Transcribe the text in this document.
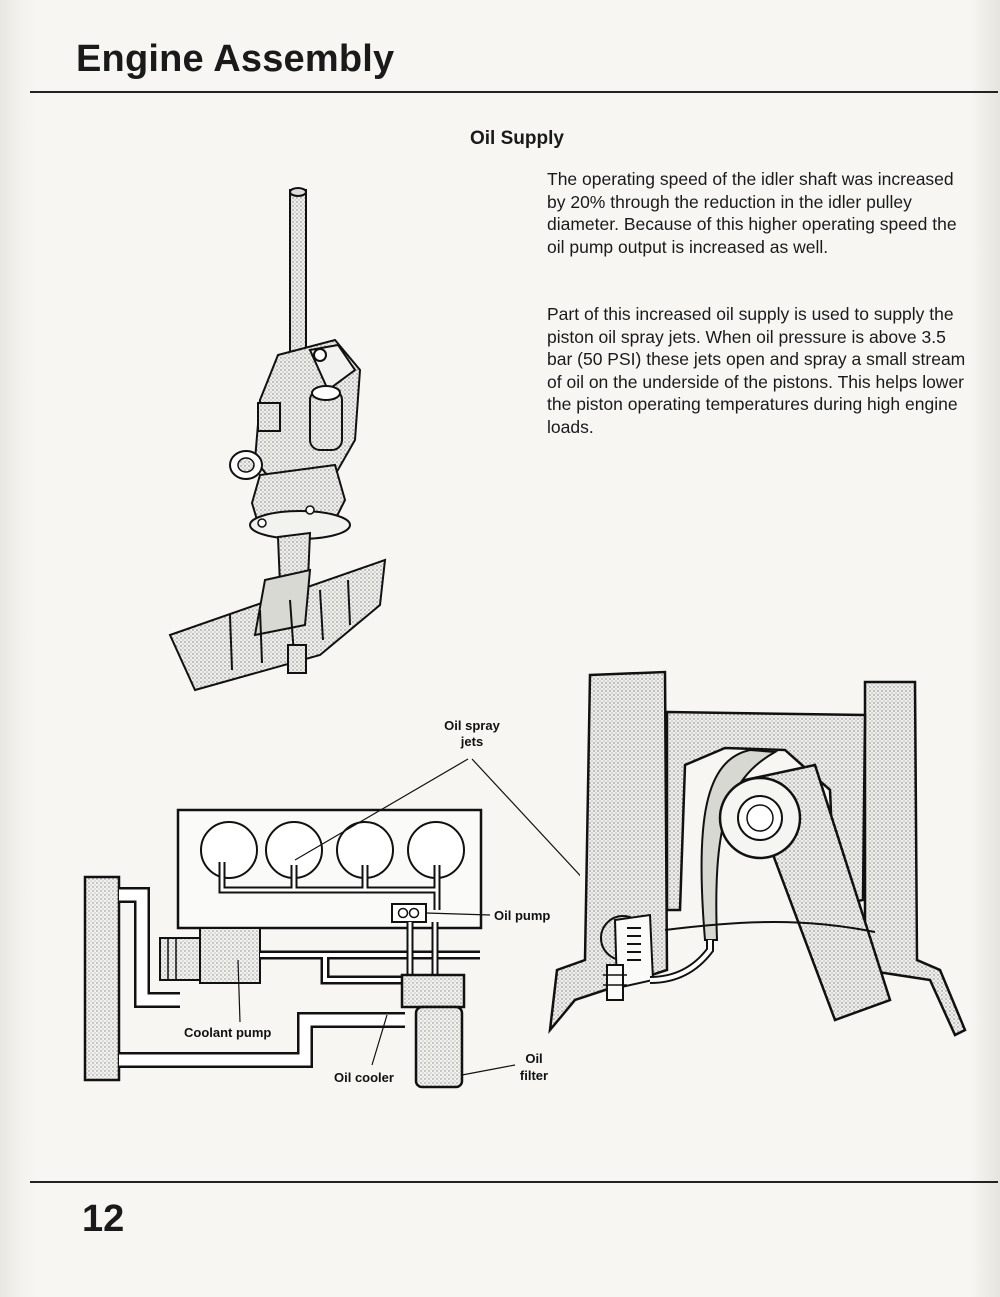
Engine Assembly
Oil Supply

The operating speed of the idler shaft was increased by 20% through the reduction in the idler pulley diameter. Because of this higher operating speed the oil pump output is increased as well.

Part of this increased oil supply is used to supply the piston oil spray jets. When oil pressure is above 3.5 bar (50 PSI) these jets open and spray a small stream of oil on the underside of the pistons. This helps lower the piston operating temperatures during high engine loads.

Oil spray
jets
Oil pump
Coolant pump
Oil cooler
Oil
filter
12
